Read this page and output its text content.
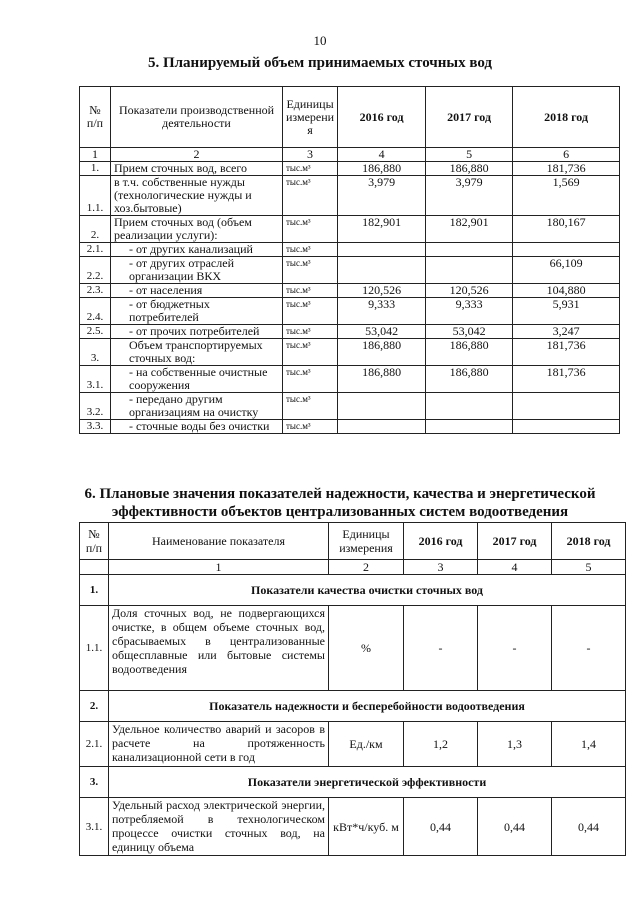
10
5. Планируемый объем принимаемых сточных вод
№ п/п	Показатели производственной деятельности	Единицы измерени я	2016 год	2017 год	2018 год
1	2	3	4	5	6
1.	Прием сточных вод, всего	тыс.м³	186,880	186,880	181,736
1.1.	в т.ч. собственные нужды (технологические нужды и хоз.бытовые)	тыс.м³	3,979	3,979	1,569
2.	Прием сточных вод (объем реализации услуги):	тыс.м³	182,901	182,901	180,167
2.1.	- от других канализаций	тыс.м³			
2.2.	- от других отраслей организации ВКХ	тыс.м³			66,109
2.3.	- от населения	тыс.м³	120,526	120,526	104,880
2.4.	- от бюджетных потребителей	тыс.м³	9,333	9,333	5,931
2.5.	- от прочих потребителей	тыс.м³	53,042	53,042	3,247
3.	Объем транспортируемых сточных вод:	тыс.м³	186,880	186,880	181,736
3.1.	- на собственные очистные сооружения	тыс.м³	186,880	186,880	181,736
3.2.	- передано другим организациям на очистку	тыс.м³			
3.3.	- сточные воды без очистки	тыс.м³			
6. Плановые значения показателей надежности, качества и энергетической эффективности объектов централизованных систем водоотведения
№ п/п	Наименование показателя	Единицы измерения	2016 год	2017 год	2018 год
	1	2	3	4	5
1.	Показатели качества очистки сточных вод				
1.1.	Доля сточных вод, не подвергающихся очистке, в общем объеме сточных вод, сбрасываемых в централизованные общесплавные или бытовые системы водоотведения	%	-	-	-
2.	Показатель надежности и бесперебойности водоотведения				
2.1.	Удельное количество аварий и засоров в расчете на протяженность канализационной сети в год	Ед./км	1,2	1,3	1,4
3.	Показатели энергетической эффективности				
3.1.	Удельный расход электрической энергии, потребляемой в технологическом процессе очистки сточных вод, на единицу объема	кВт*ч/куб. м	0,44	0,44	0,44
